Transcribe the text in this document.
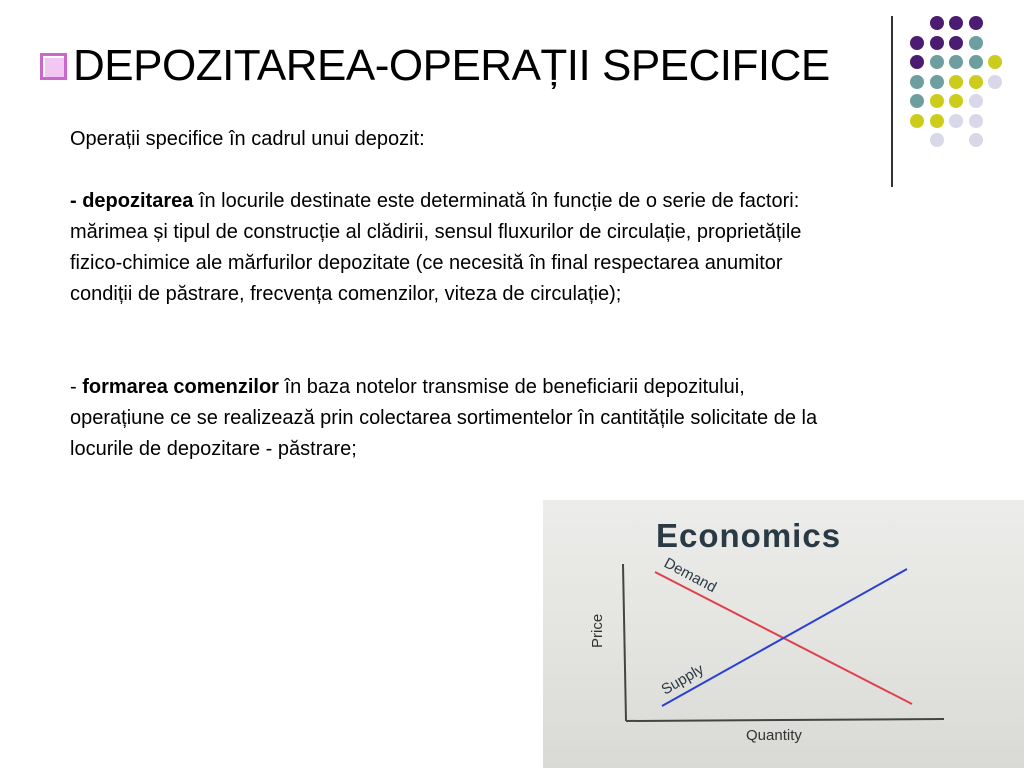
DEPOZITAREA-OPERAȚII SPECIFICE

Operații specifice în cadrul unui depozit:

- depozitarea în locurile destinate este determinată în funcție de o serie de factori: mărimea și tipul de construcție al clădirii, sensul fluxurilor de circulație, proprietățile fizico-chimice ale mărfurilor depozitate (ce necesită în final respectarea anumitor condiții de păstrare, frecvența comenzilor, viteza de circulație);

- formarea comenzilor în baza notelor transmise de beneficiarii depozitului, operațiune ce se realizează prin colectarea sortimentelor în cantitățile solicitate de la locurile de depozitare - păstrare;

Economics
Price
Quantity
Demand
Supply
